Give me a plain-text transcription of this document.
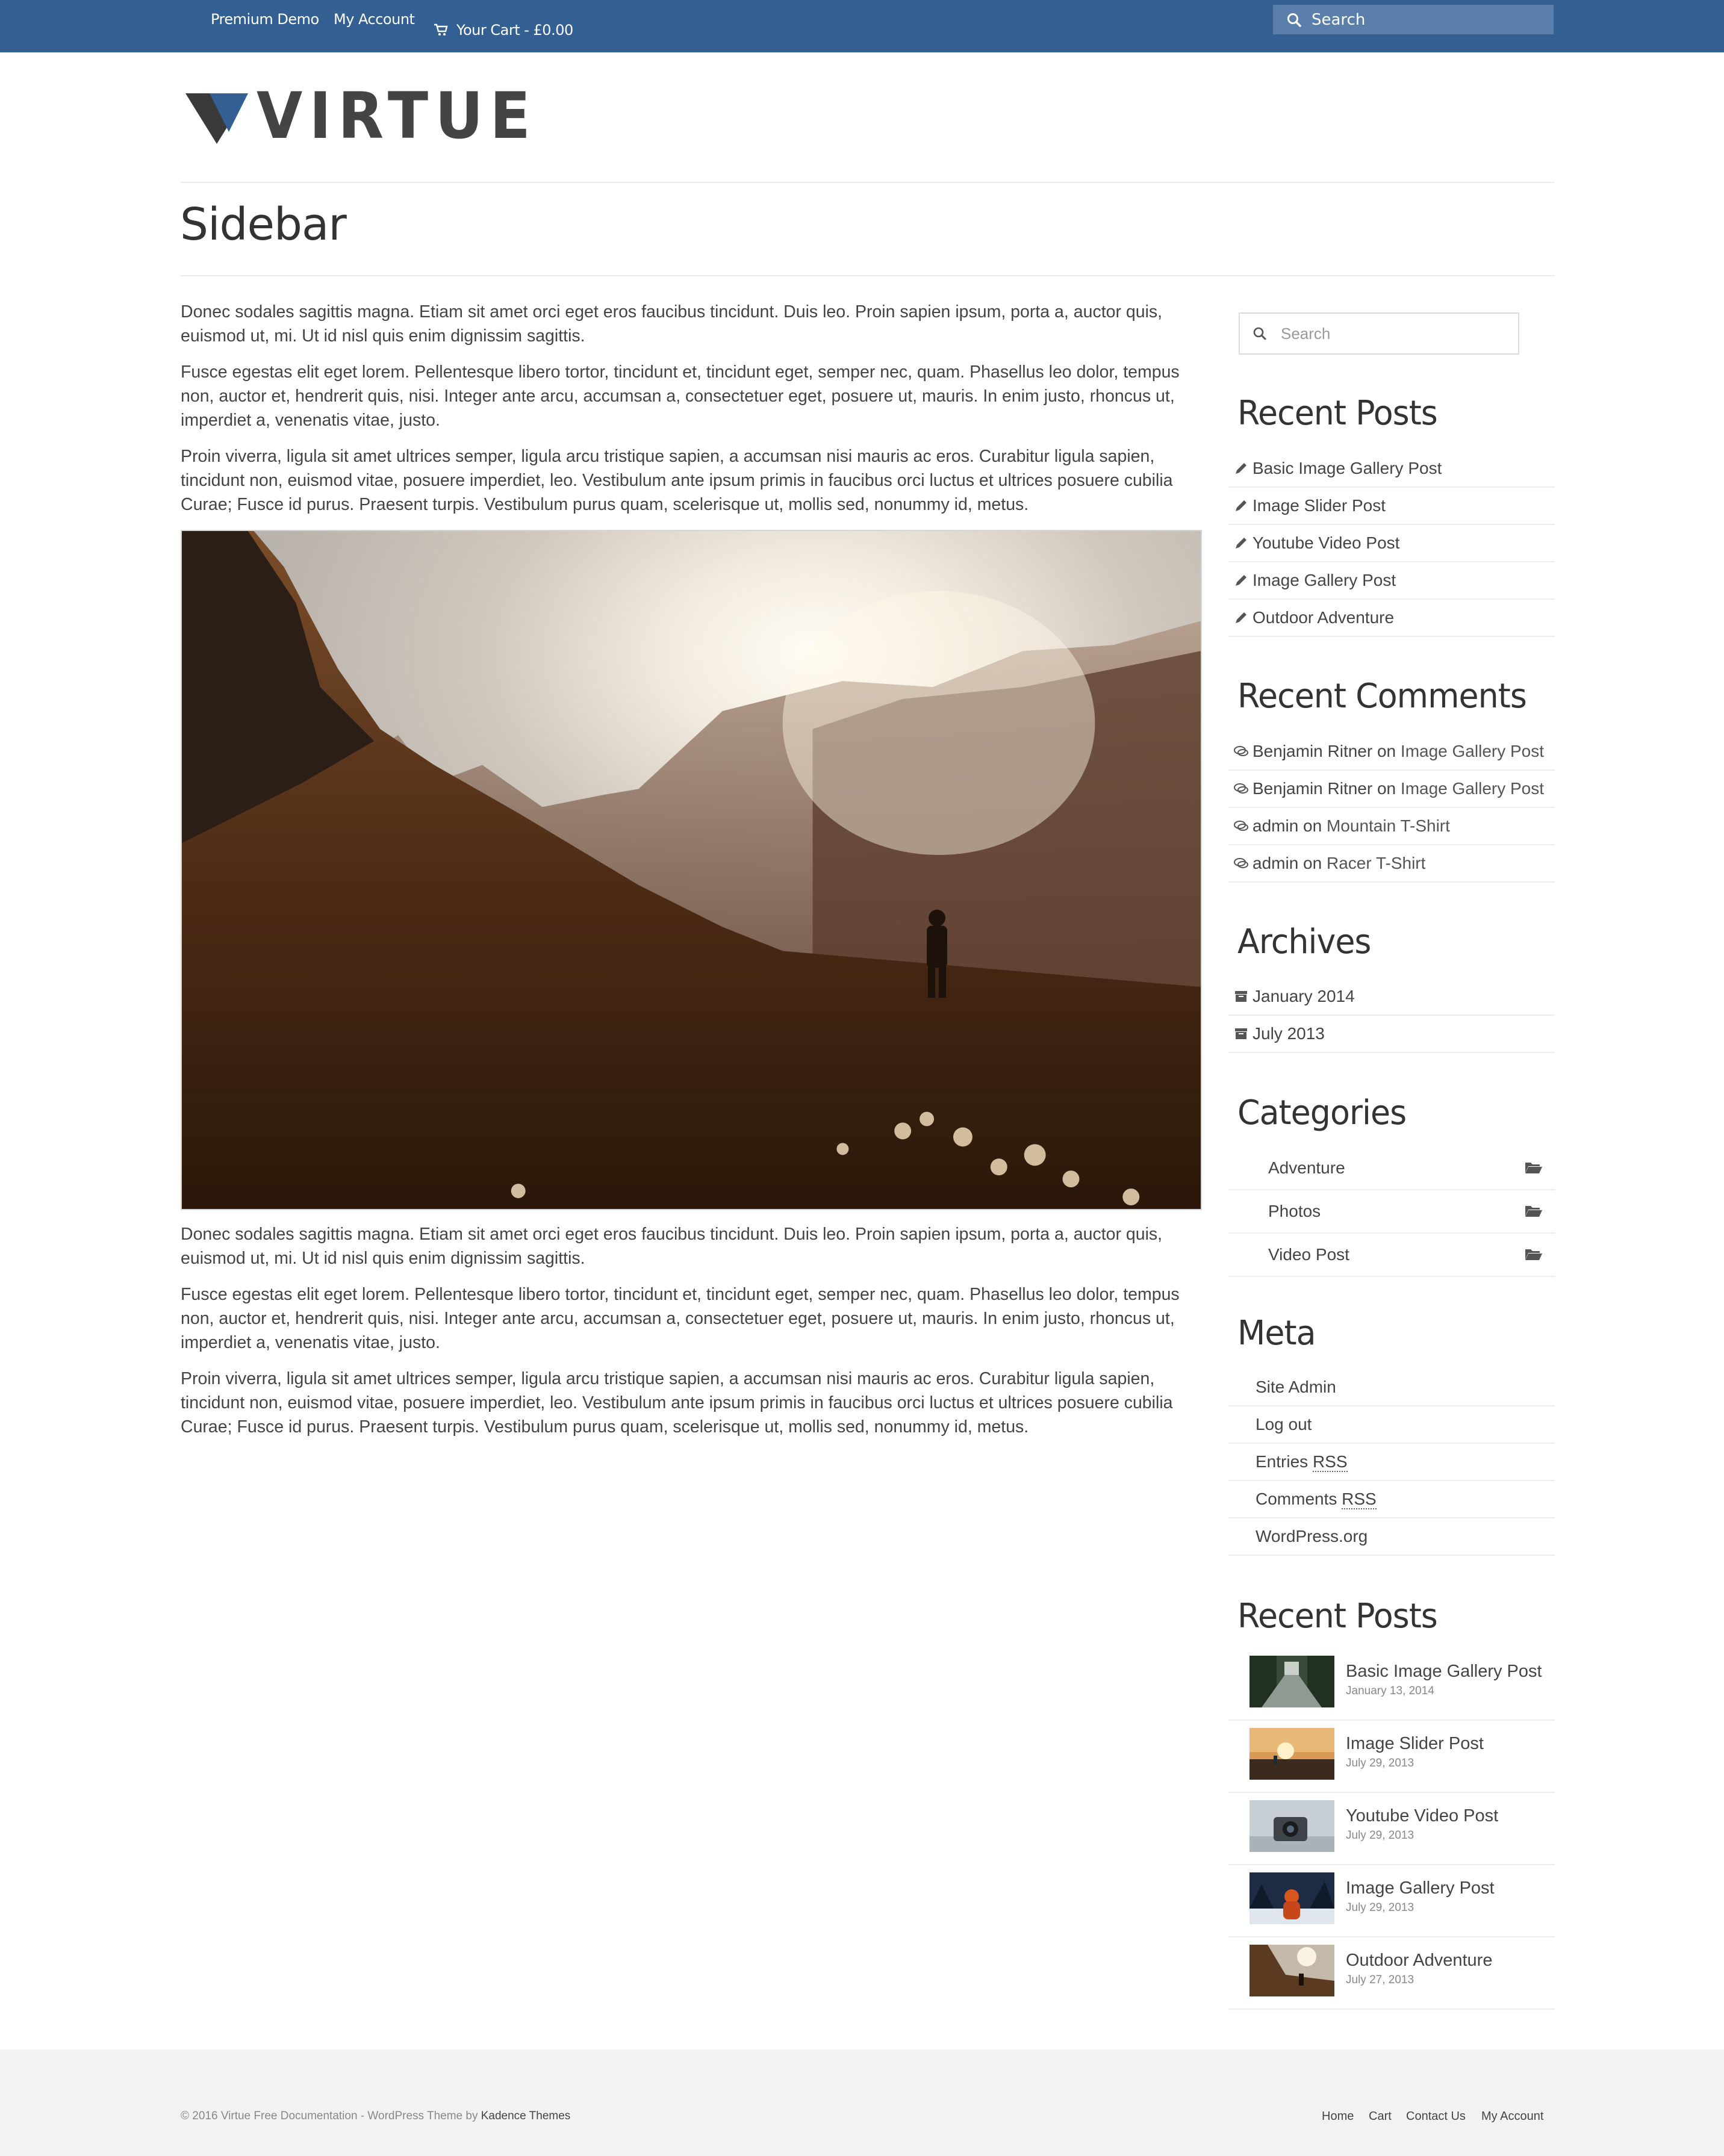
Premium Demo My Account
Your Cart - £0.00
Search
VIRTUE
Sidebar

Donec sodales sagittis magna. Etiam sit amet orci eget eros faucibus tincidunt. Duis leo. Proin sapien ipsum, porta a, auctor quis, euismod ut, mi. Ut id nisl quis enim dignissim sagittis.

Fusce egestas elit eget lorem. Pellentesque libero tortor, tincidunt et, tincidunt eget, semper nec, quam. Phasellus leo dolor, tempus non, auctor et, hendrerit quis, nisi. Integer ante arcu, accumsan a, consectetuer eget, posuere ut, mauris. In enim justo, rhoncus ut, imperdiet a, venenatis vitae, justo.

Proin viverra, ligula sit amet ultrices semper, ligula arcu tristique sapien, a accumsan nisi mauris ac eros. Curabitur ligula sapien, tincidunt non, euismod vitae, posuere imperdiet, leo. Vestibulum ante ipsum primis in faucibus orci luctus et ultrices posuere cubilia Curae; Fusce id purus. Praesent turpis. Vestibulum purus quam, scelerisque ut, mollis sed, nonummy id, metus.

Donec sodales sagittis magna. Etiam sit amet orci eget eros faucibus tincidunt. Duis leo. Proin sapien ipsum, porta a, auctor quis, euismod ut, mi. Ut id nisl quis enim dignissim sagittis.

Fusce egestas elit eget lorem. Pellentesque libero tortor, tincidunt et, tincidunt eget, semper nec, quam. Phasellus leo dolor, tempus non, auctor et, hendrerit quis, nisi. Integer ante arcu, accumsan a, consectetuer eget, posuere ut, mauris. In enim justo, rhoncus ut, imperdiet a, venenatis vitae, justo.

Proin viverra, ligula sit amet ultrices semper, ligula arcu tristique sapien, a accumsan nisi mauris ac eros. Curabitur ligula sapien, tincidunt non, euismod vitae, posuere imperdiet, leo. Vestibulum ante ipsum primis in faucibus orci luctus et ultrices posuere cubilia Curae; Fusce id purus. Praesent turpis. Vestibulum purus quam, scelerisque ut, mollis sed, nonummy id, metus.

Search
Recent Posts
Basic Image Gallery Post
Image Slider Post
Youtube Video Post
Image Gallery Post
Outdoor Adventure
Recent Comments
Benjamin Ritner on Image Gallery Post
Benjamin Ritner on Image Gallery Post
admin on Mountain T-Shirt
admin on Racer T-Shirt
Archives
January 2014
July 2013
Categories
Adventure
Photos
Video Post
Meta
Site Admin
Log out
Entries RSS
Comments RSS
WordPress.org
Recent Posts
Basic Image Gallery Post
January 13, 2014
Image Slider Post
July 29, 2013
Youtube Video Post
July 29, 2013
Image Gallery Post
July 29, 2013
Outdoor Adventure
July 27, 2013
© 2016 Virtue Free Documentation - WordPress Theme by Kadence Themes	Home Cart Contact Us My Account
